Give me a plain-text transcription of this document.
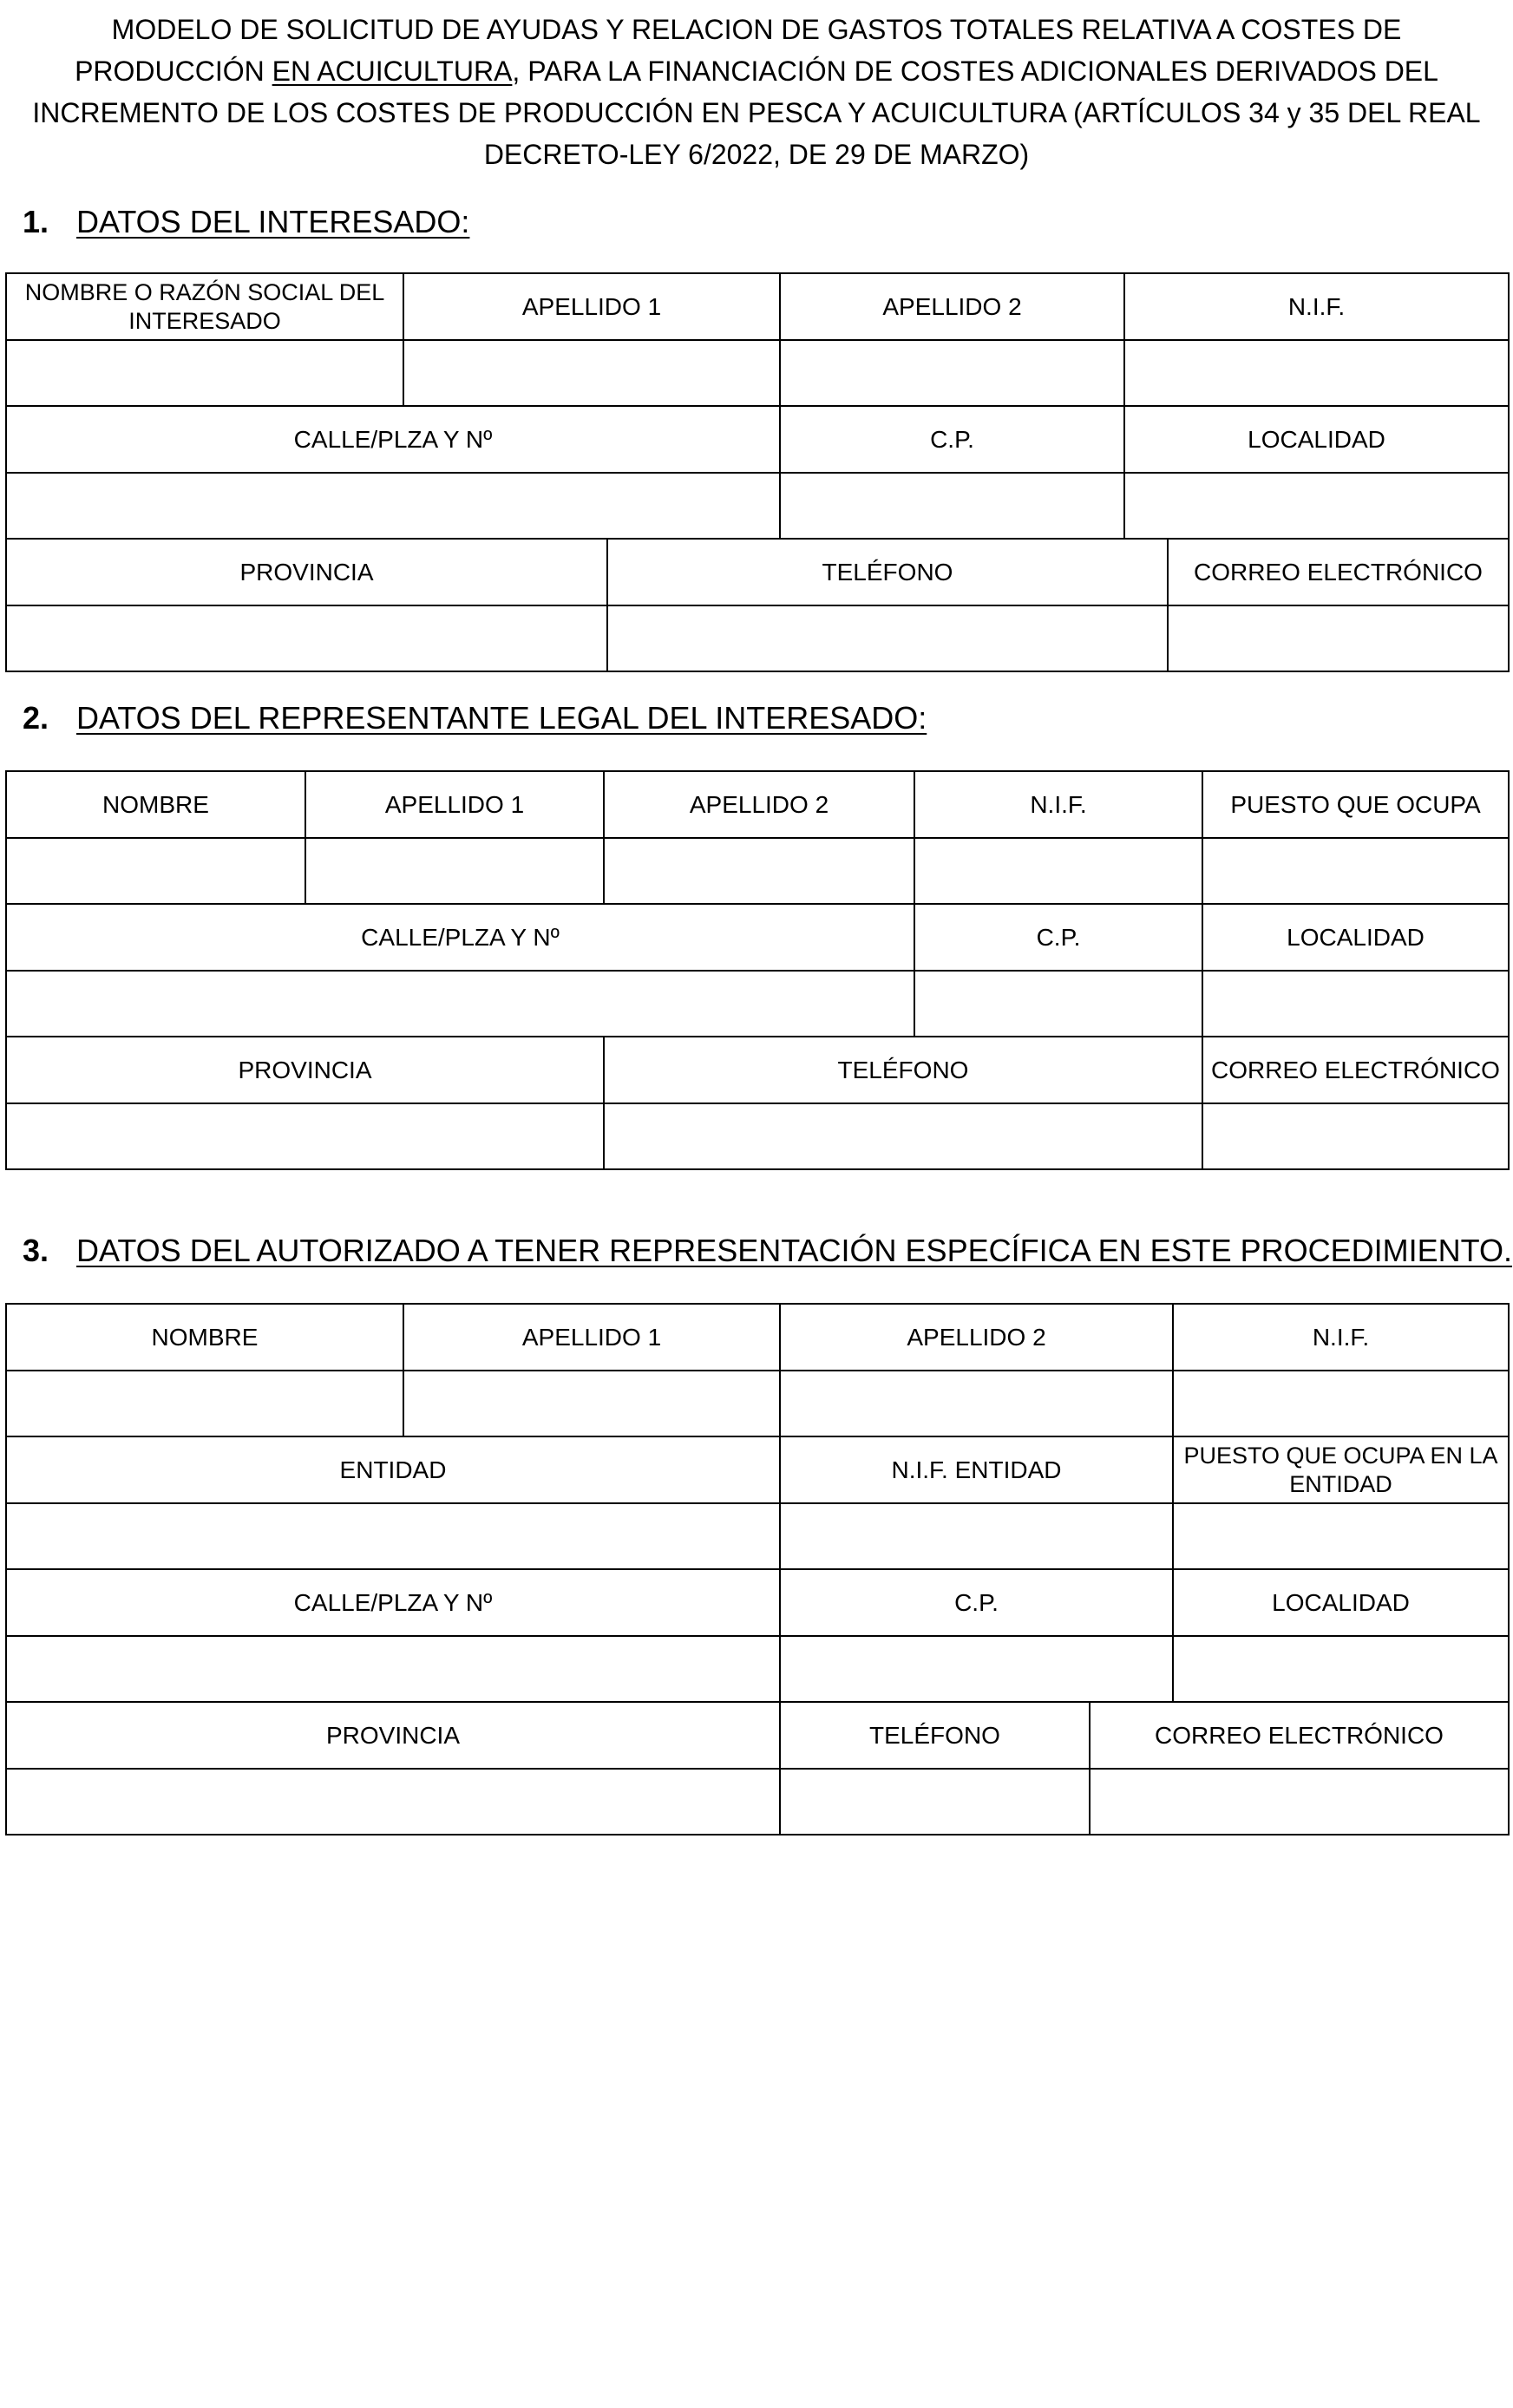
MODELO DE SOLICITUD DE AYUDAS Y RELACION DE GASTOS TOTALES RELATIVA A COSTES DE PRODUCCIÓN EN ACUICULTURA, PARA LA FINANCIACIÓN DE COSTES ADICIONALES DERIVADOS DEL INCREMENTO DE LOS COSTES DE PRODUCCIÓN EN PESCA Y ACUICULTURA (ARTÍCULOS 34 y 35 DEL REAL DECRETO-LEY 6/2022, DE 29 DE MARZO)
1. DATOS DEL INTERESADO:
NOMBRE O RAZÓN SOCIAL DEL INTERESADO	APELLIDO 1		APELLIDO 2	N.I.F.	

CALLE/PLZA Y Nº			C.P.	LOCALIDAD	

PROVINCIA		TELÉFONO			CORREO ELECTRÓNICO

2. DATOS DEL REPRESENTANTE LEGAL DEL INTERESADO:
NOMBRE	APELLIDO 1	APELLIDO 2	N.I.F.	PUESTO QUE OCUPA

CALLE/PLZA Y Nº			C.P.	LOCALIDAD

PROVINCIA		TELÉFONO		CORREO ELECTRÓNICO

3. DATOS DEL AUTORIZADO A TENER REPRESENTACIÓN ESPECÍFICA EN ESTE PROCEDIMIENTO.
NOMBRE	APELLIDO 1	APELLIDO 2		N.I.F.

ENTIDAD		N.I.F. ENTIDAD		PUESTO QUE OCUPA EN LA ENTIDAD

CALLE/PLZA Y Nº		C.P.		LOCALIDAD

PROVINCIA		TELÉFONO	CORREO ELECTRÓNICO	
